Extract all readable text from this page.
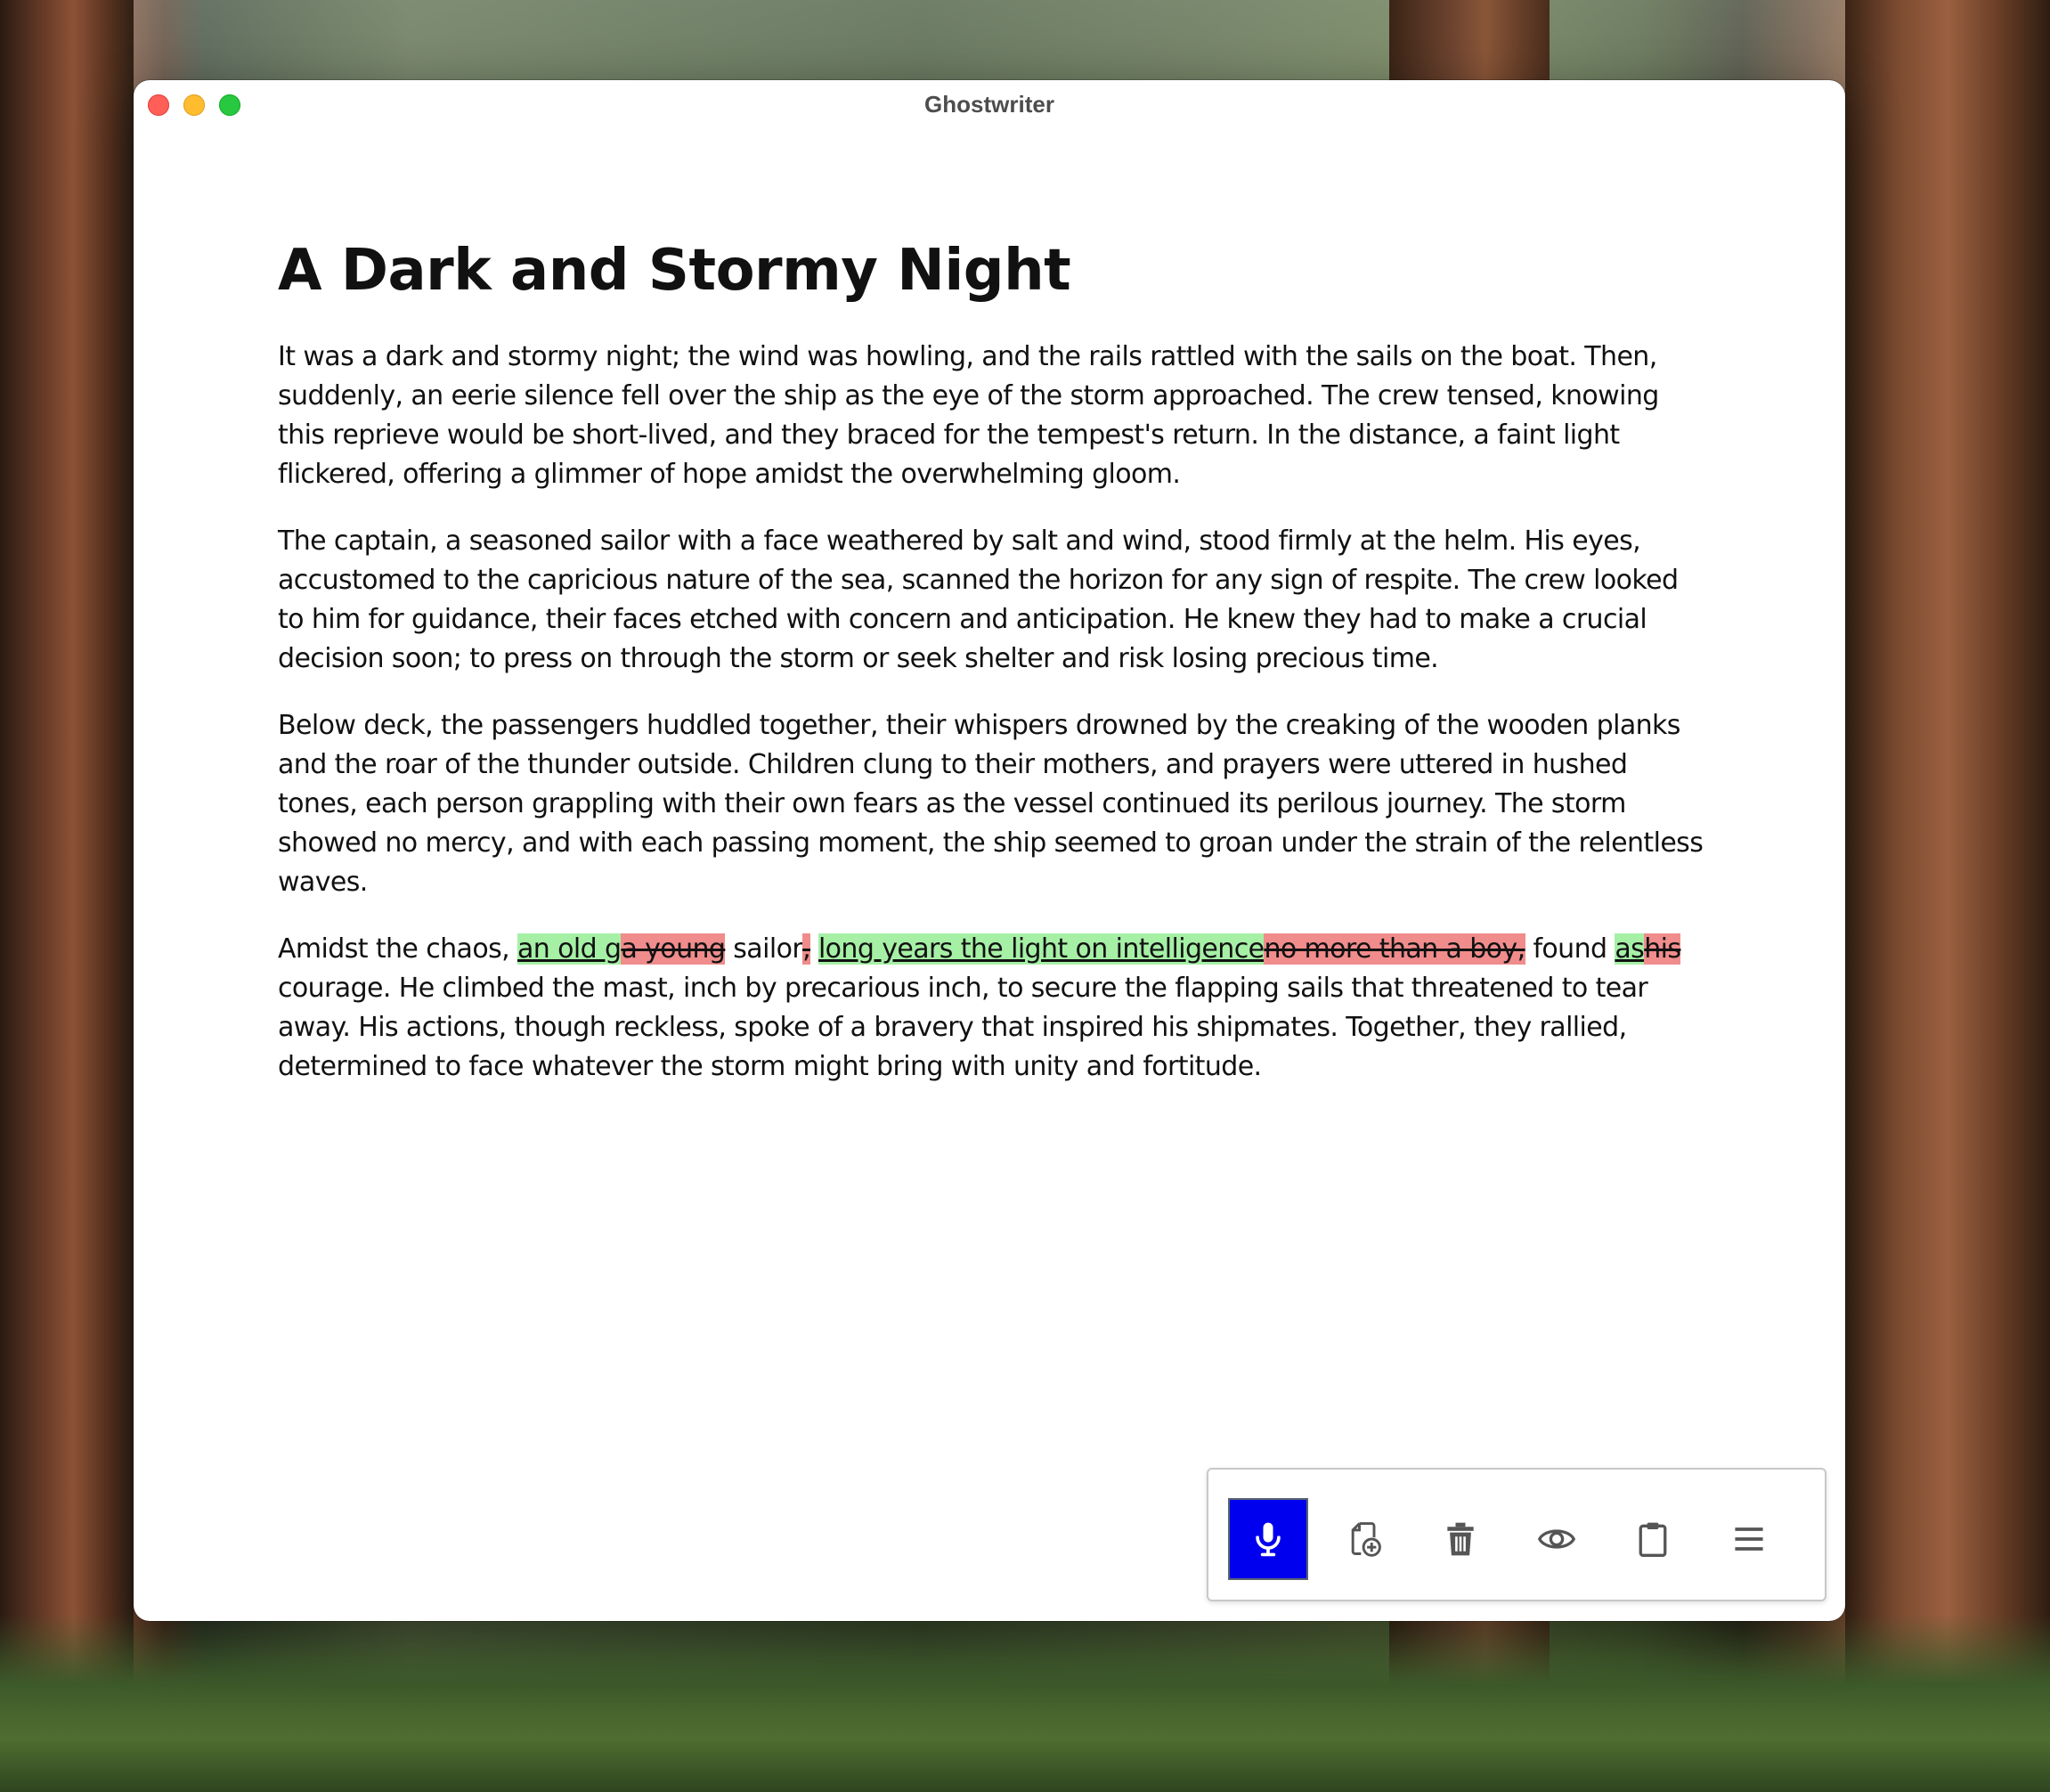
Ghostwriter
A Dark and Stormy Night

It was a dark and stormy night; the wind was howling, and the rails rattled with the sails on the boat. Then, suddenly, an eerie silence fell over the ship as the eye of the storm approached. The crew tensed, knowing this reprieve would be short-lived, and they braced for the tempest's return. In the distance, a faint light flickered, offering a glimmer of hope amidst the overwhelming gloom.

The captain, a seasoned sailor with a face weathered by salt and wind, stood firmly at the helm. His eyes, accustomed to the capricious nature of the sea, scanned the horizon for any sign of respite. The crew looked to him for guidance, their faces etched with concern and anticipation. He knew they had to make a crucial decision soon; to press on through the storm or seek shelter and risk losing precious time.

Below deck, the passengers huddled together, their whispers drowned by the creaking of the wooden planks and the roar of the thunder outside. Children clung to their mothers, and prayers were uttered in hushed tones, each person grappling with their own fears as the vessel continued its perilous journey. The storm showed no mercy, and with each passing moment, the ship seemed to groan under the strain of the relentless waves.

Amidst the chaos, an old ga young sailor, long years the light on intelligenceno more than a boy, found ashis courage. He climbed the mast, inch by precarious inch, to secure the flapping sails that threatened to tear away. His actions, though reckless, spoke of a bravery that inspired his shipmates. Together, they rallied, determined to face whatever the storm might bring with unity and fortitude.
